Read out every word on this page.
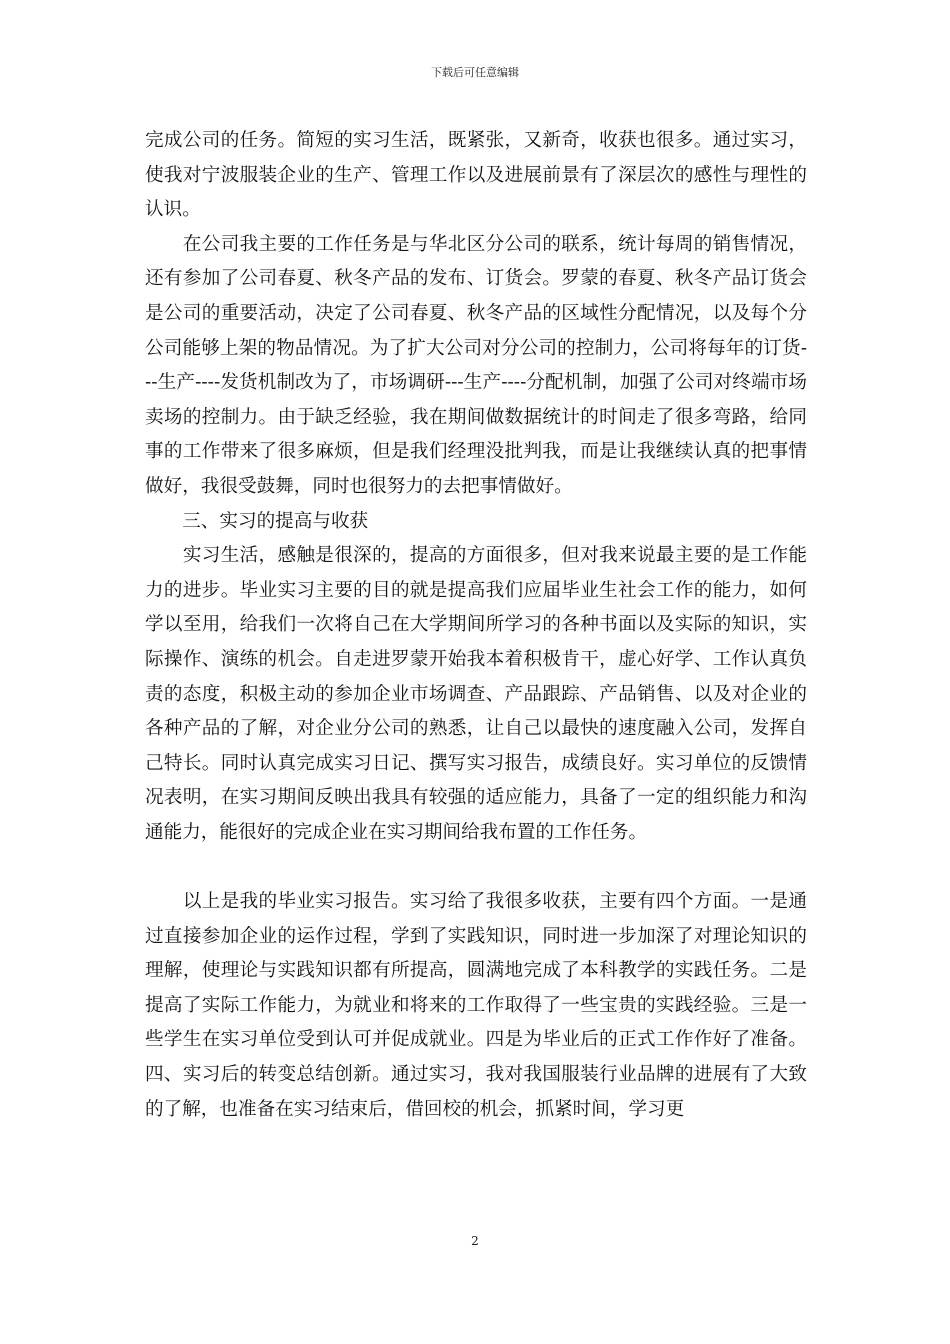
下载后可任意编辑

完成公司的任务。简短的实习生活，既紧张，又新奇，收获也很多。通过实习，使我对宁波服装企业的生产、管理工作以及进展前景有了深层次的感性与理性的认识。

　　在公司我主要的工作任务是与华北区分公司的联系，统计每周的销售情况，还有参加了公司春夏、秋冬产品的发布、订货会。罗蒙的春夏、秋冬产品订货会是公司的重要活动，决定了公司春夏、秋冬产品的区域性分配情况，以及每个分公司能够上架的物品情况。为了扩大公司对分公司的控制力，公司将每年的订货---生产----发货机制改为了，市场调研---生产----分配机制，加强了公司对终端市场卖场的控制力。由于缺乏经验，我在期间做数据统计的时间走了很多弯路，给同事的工作带来了很多麻烦，但是我们经理没批判我，而是让我继续认真的把事情做好，我很受鼓舞，同时也很努力的去把事情做好。

　　三、实习的提高与收获

　　实习生活，感触是很深的，提高的方面很多，但对我来说最主要的是工作能力的进步。毕业实习主要的目的就是提高我们应届毕业生社会工作的能力，如何学以至用，给我们一次将自己在大学期间所学习的各种书面以及实际的知识，实际操作、演练的机会。自走进罗蒙开始我本着积极肯干，虚心好学、工作认真负责的态度，积极主动的参加企业市场调查、产品跟踪、产品销售、以及对企业的各种产品的了解，对企业分公司的熟悉，让自己以最快的速度融入公司，发挥自己特长。同时认真完成实习日记、撰写实习报告，成绩良好。实习单位的反馈情况表明，在实习期间反映出我具有较强的适应能力，具备了一定的组织能力和沟通能力，能很好的完成企业在实习期间给我布置的工作任务。

　　以上是我的毕业实习报告。实习给了我很多收获，主要有四个方面。一是通过直接参加企业的运作过程，学到了实践知识，同时进一步加深了对理论知识的理解，使理论与实践知识都有所提高，圆满地完成了本科教学的实践任务。二是提高了实际工作能力，为就业和将来的工作取得了一些宝贵的实践经验。三是一些学生在实习单位受到认可并促成就业。四是为毕业后的正式工作作好了准备。四、实习后的转变总结创新。通过实习，我对我国服装行业品牌的进展有了大致的了解，也准备在实习结束后，借回校的机会，抓紧时间，学习更

2
